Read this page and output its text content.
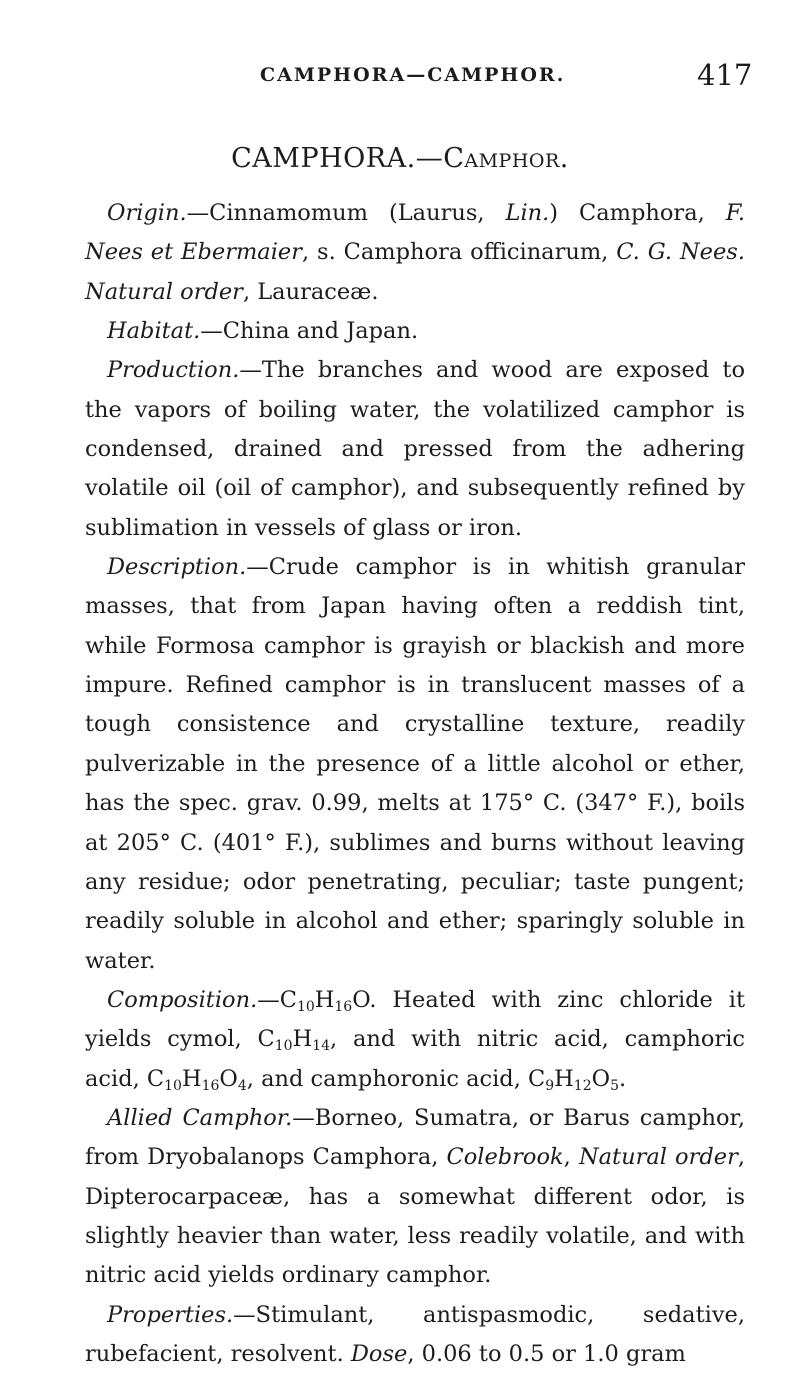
CAMPHORA—CAMPHOR.	417
CAMPHORA.—Camphor.

Origin.—Cinnamomum (Laurus, Lin.) Camphora, F. Nees et Ebermaier, s. Camphora officinarum, C. G. Nees. Natural order, Lauraceæ.

Habitat.—China and Japan.

Production.—The branches and wood are exposed to the vapors of boiling water, the volatilized camphor is condensed, drained and pressed from the adhering volatile oil (oil of camphor), and subsequently refined by sublimation in vessels of glass or iron.

Description.—Crude camphor is in whitish granular masses, that from Japan having often a reddish tint, while Formosa camphor is grayish or blackish and more impure. Refined camphor is in translucent masses of a tough consistence and crystalline texture, readily pulverizable in the presence of a little alcohol or ether, has the spec. grav. 0.99, melts at 175° C. (347° F.), boils at 205° C. (401° F.), sublimes and burns without leaving any residue; odor penetrating, peculiar; taste pungent; readily soluble in alcohol and ether; sparingly soluble in water.

$Composition.—C_{10}H_{16}O$. Heated with zinc chloride it yields cymol, $C_{10}H_{14}$, and with nitric acid, camphoric acid, $C_{10}H_{16}O_4$, and camphoronic acid, $C_9H_{12}O_5$.

Allied Camphor.—Borneo, Sumatra, or Barus camphor, from Dryobalanops Camphora, Colebrook, Natural order, Dipterocarpaceæ, has a somewhat different odor, is slightly heavier than water, less readily volatile, and with nitric acid yields ordinary camphor.

Properties.—Stimulant, antispasmodic, sedative, rubefacient, resolvent. Dose, 0.06 to 0.5 or 1.0 gram
